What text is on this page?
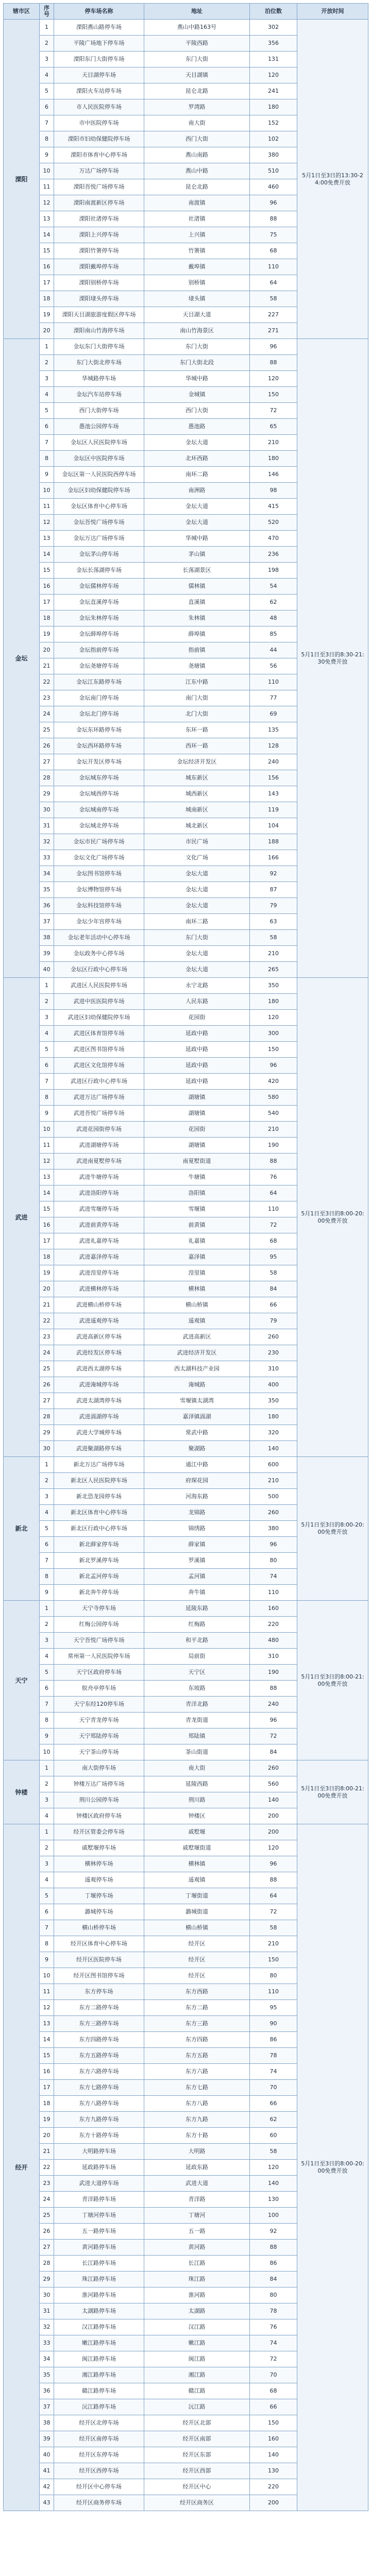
辖市区	序号	停车场名称	地址	泊位数	开放时间
溧阳	1	溧阳燕山路停车场	燕山中路163号	302	5月1日至3日的13:30-24:00免费开放
	2	平陵广场地下停车场	平陵西路	356	
	3	溧阳东门大街停车场	东门大街	131	
	4	天目湖停车场	天目湖镇	120	
	5	溧阳火车站停车场	昆仑北路	241	
	6	市人民医院停车场	罗湾路	180	
	7	市中医院停车场	南大街	152	
	8	溧阳市妇幼保健院停车场	西门大街	102	
	9	溧阳市体育中心停车场	燕山南路	380	
	10	万达广场停车场	燕山中路	510	
	11	溧阳吾悦广场停车场	昆仑北路	460	
	12	溧阳南渡新区停车场	南渡镇	96	
	13	溧阳社渚停车场	社渚镇	88	
	14	溧阳上兴停车场	上兴镇	75	
	15	溧阳竹箦停车场	竹箦镇	68	
	16	溧阳戴埠停车场	戴埠镇	110	
	17	溧阳别桥停车场	别桥镇	64	
	18	溧阳埭头停车场	埭头镇	58	
	19	溧阳天目湖旅游度假区停车场	天目湖大道	227	
	20	溧阳南山竹海停车场	南山竹海景区	271	
金坛	1	金坛东门大街停车场	东门大街	96	5月1日至3日的8:30-21:30免费开放
	2	东门大街北停车场	东门大街北段	88	
	3	华城路停车场	华城中路	120	
	4	金坛汽车站停车场	金城镇	150	
	5	西门大街停车场	西门大街	72	
	6	愚池公园停车场	愚池路	65	
	7	金坛区人民医院停车场	金坛大道	210	
	8	金坛区中医院停车场	北环西路	180	
	9	金坛区第一人民医院西停车场	南环二路	146	
	10	金坛区妇幼保健院停车场	南洲路	98	
	11	金坛区体育中心停车场	金坛大道	415	
	12	金坛吾悦广场停车场	金坛大道	520	
	13	金坛万达广场停车场	华城中路	470	
	14	金坛茅山停车场	茅山镇	236	
	15	金坛长荡湖停车场	长荡湖景区	198	
	16	金坛儒林停车场	儒林镇	54	
	17	金坛直溪停车场	直溪镇	62	
	18	金坛朱林停车场	朱林镇	48	
	19	金坛薛埠停车场	薛埠镇	85	
	20	金坛指前停车场	指前镇	44	
	21	金坛尧塘停车场	尧塘镇	56	
	22	金坛江东路停车场	江东中路	110	
	23	金坛南门停车场	南门大街	77	
	24	金坛北门停车场	北门大街	69	
	25	金坛东环路停车场	东环一路	135	
	26	金坛西环路停车场	西环一路	128	
	27	金坛开发区停车场	金坛经济开发区	240	
	28	金坛城东停车场	城东新区	156	
	29	金坛城西停车场	城西新区	143	
	30	金坛城南停车场	城南新区	119	
	31	金坛城北停车场	城北新区	104	
	32	金坛市民广场停车场	市民广场	188	
	33	金坛文化广场停车场	文化广场	166	
	34	金坛图书馆停车场	金坛大道	92	
	35	金坛博物馆停车场	金坛大道	87	
	36	金坛科技馆停车场	金坛大道	79	
	37	金坛少年宫停车场	南环二路	63	
	38	金坛老年活动中心停车场	东门大街	58	
	39	金坛政务中心停车场	金坛大道	210	
	40	金坛区行政中心停车场	金坛大道	265	
武进	1	武进区人民医院停车场	永宁北路	350	5月1日至3日的8:00-20:00免费开放
	2	武进中医医院停车场	人民东路	180	
	3	武进区妇幼保健院停车场	花园街	120	
	4	武进区体育馆停车场	延政中路	300	
	5	武进区图书馆停车场	延政中路	150	
	6	武进区文化馆停车场	延政中路	96	
	7	武进区行政中心停车场	延政中路	420	
	8	武进万达广场停车场	湖塘镇	580	
	9	武进吾悦广场停车场	湖塘镇	540	
	10	武进花园街停车场	花园街	210	
	11	武进湖塘停车场	湖塘镇	190	
	12	武进南夏墅停车场	南夏墅街道	88	
	13	武进牛塘停车场	牛塘镇	76	
	14	武进洛阳停车场	洛阳镇	64	
	15	武进雪堰停车场	雪堰镇	110	
	16	武进前黄停车场	前黄镇	72	
	17	武进礼嘉停车场	礼嘉镇	68	
	18	武进嘉泽停车场	嘉泽镇	95	
	19	武进湟里停车场	湟里镇	58	
	20	武进横林停车场	横林镇	84	
	21	武进横山桥停车场	横山桥镇	66	
	22	武进遥观停车场	遥观镇	79	
	23	武进高新区停车场	武进高新区	260	
	24	武进经发区停车场	武进经济开发区	230	
	25	武进西太湖停车场	西太湖科技产业园	310	
	26	武进淹城停车场	淹城路	400	
	27	武进太湖湾停车场	雪堰镇太湖湾	350	
	28	武进滆湖停车场	嘉泽镇滆湖	180	
	29	武进大学城停车场	常武中路	320	
	30	武进聚湖路停车场	聚湖路	140	
新北	1	新北万达广场停车场	通江中路	600	5月1日至3日的8:00-20:00免费开放
	2	新北区人民医院停车场	府琛花园	210	
	3	新北恐龙园停车场	河海东路	500	
	4	新北区体育中心停车场	龙锦路	260	
	5	新北区行政中心停车场	锦绣路	380	
	6	新北薛家停车场	薛家镇	96	
	7	新北罗溪停车场	罗溪镇	80	
	8	新北孟河停车场	孟河镇	74	
	9	新北奔牛停车场	奔牛镇	110	
天宁	1	天宁寺停车场	延陵东路	160	5月1日至3日的8:00-21:00免费开放
	2	红梅公园停车场	红梅路	220	
	3	天宁吾悦广场停车场	和平北路	480	
	4	常州第一人民医院停车场	局前街	310	
	5	天宁区政府停车场	天宁区	190	
	6	舣舟亭停车场	东坡路	88	
	7	天宁东经120停车场	青洋北路	240	
	8	天宁青龙停车场	青龙街道	96	
	9	天宁郑陆停车场	郑陆镇	72	
	10	天宁茶山停车场	茶山街道	84	
钟楼	1	南大街停车场	南大街	260	5月1日至3日的8:00-21:00免费开放
	2	钟楼万达广场停车场	延陵西路	560	
	3	荆川公园停车场	荆川路	140	
	4	钟楼区政府停车场	钟楼区	200	
经开	1	经开区管委会停车场	戚墅堰	200	5月1日至3日的8:00-20:00免费开放
	2	戚墅堰停车场	戚墅堰街道	120	
	3	横林停车场	横林镇	96	
	4	遥观停车场	遥观镇	88	
	5	丁堰停车场	丁堰街道	64	
	6	潞城停车场	潞城街道	72	
	7	横山桥停车场	横山桥镇	58	
	8	经开区体育中心停车场	经开区	210	
	9	经开区医院停车场	经开区	150	
	10	经开区图书馆停车场	经开区	80	
	11	东方停车场	东方西路	110	
	12	东方二路停车场	东方二路	95	
	13	东方三路停车场	东方三路	90	
	14	东方四路停车场	东方四路	86	
	15	东方五路停车场	东方五路	78	
	16	东方六路停车场	东方六路	74	
	17	东方七路停车场	东方七路	70	
	18	东方八路停车场	东方八路	66	
	19	东方九路停车场	东方九路	62	
	20	东方十路停车场	东方十路	60	
	21	大明路停车场	大明路	58	
	22	延政路停车场	延政东路	120	
	23	武进大道停车场	武进大道	140	
	24	青洋路停车场	青洋路	130	
	25	丁塘河停车场	丁塘河	100	
	26	五一路停车场	五一路	92	
	27	黄河路停车场	黄河路	88	
	28	长江路停车场	长江路	86	
	29	珠江路停车场	珠江路	84	
	30	淮河路停车场	淮河路	80	
	31	太湖路停车场	太湖路	78	
	32	汉江路停车场	汉江路	76	
	33	嫩江路停车场	嫩江路	74	
	34	闽江路停车场	闽江路	72	
	35	湘江路停车场	湘江路	70	
	36	赣江路停车场	赣江路	68	
	37	沅江路停车场	沅江路	66	
	38	经开区北停车场	经开区北部	150	
	39	经开区南停车场	经开区南部	160	
	40	经开区东停车场	经开区东部	140	
	41	经开区西停车场	经开区西部	130	
	42	经开区中心停车场	经开区中心	220	
	43	经开区商务停车场	经开区商务区	200	
